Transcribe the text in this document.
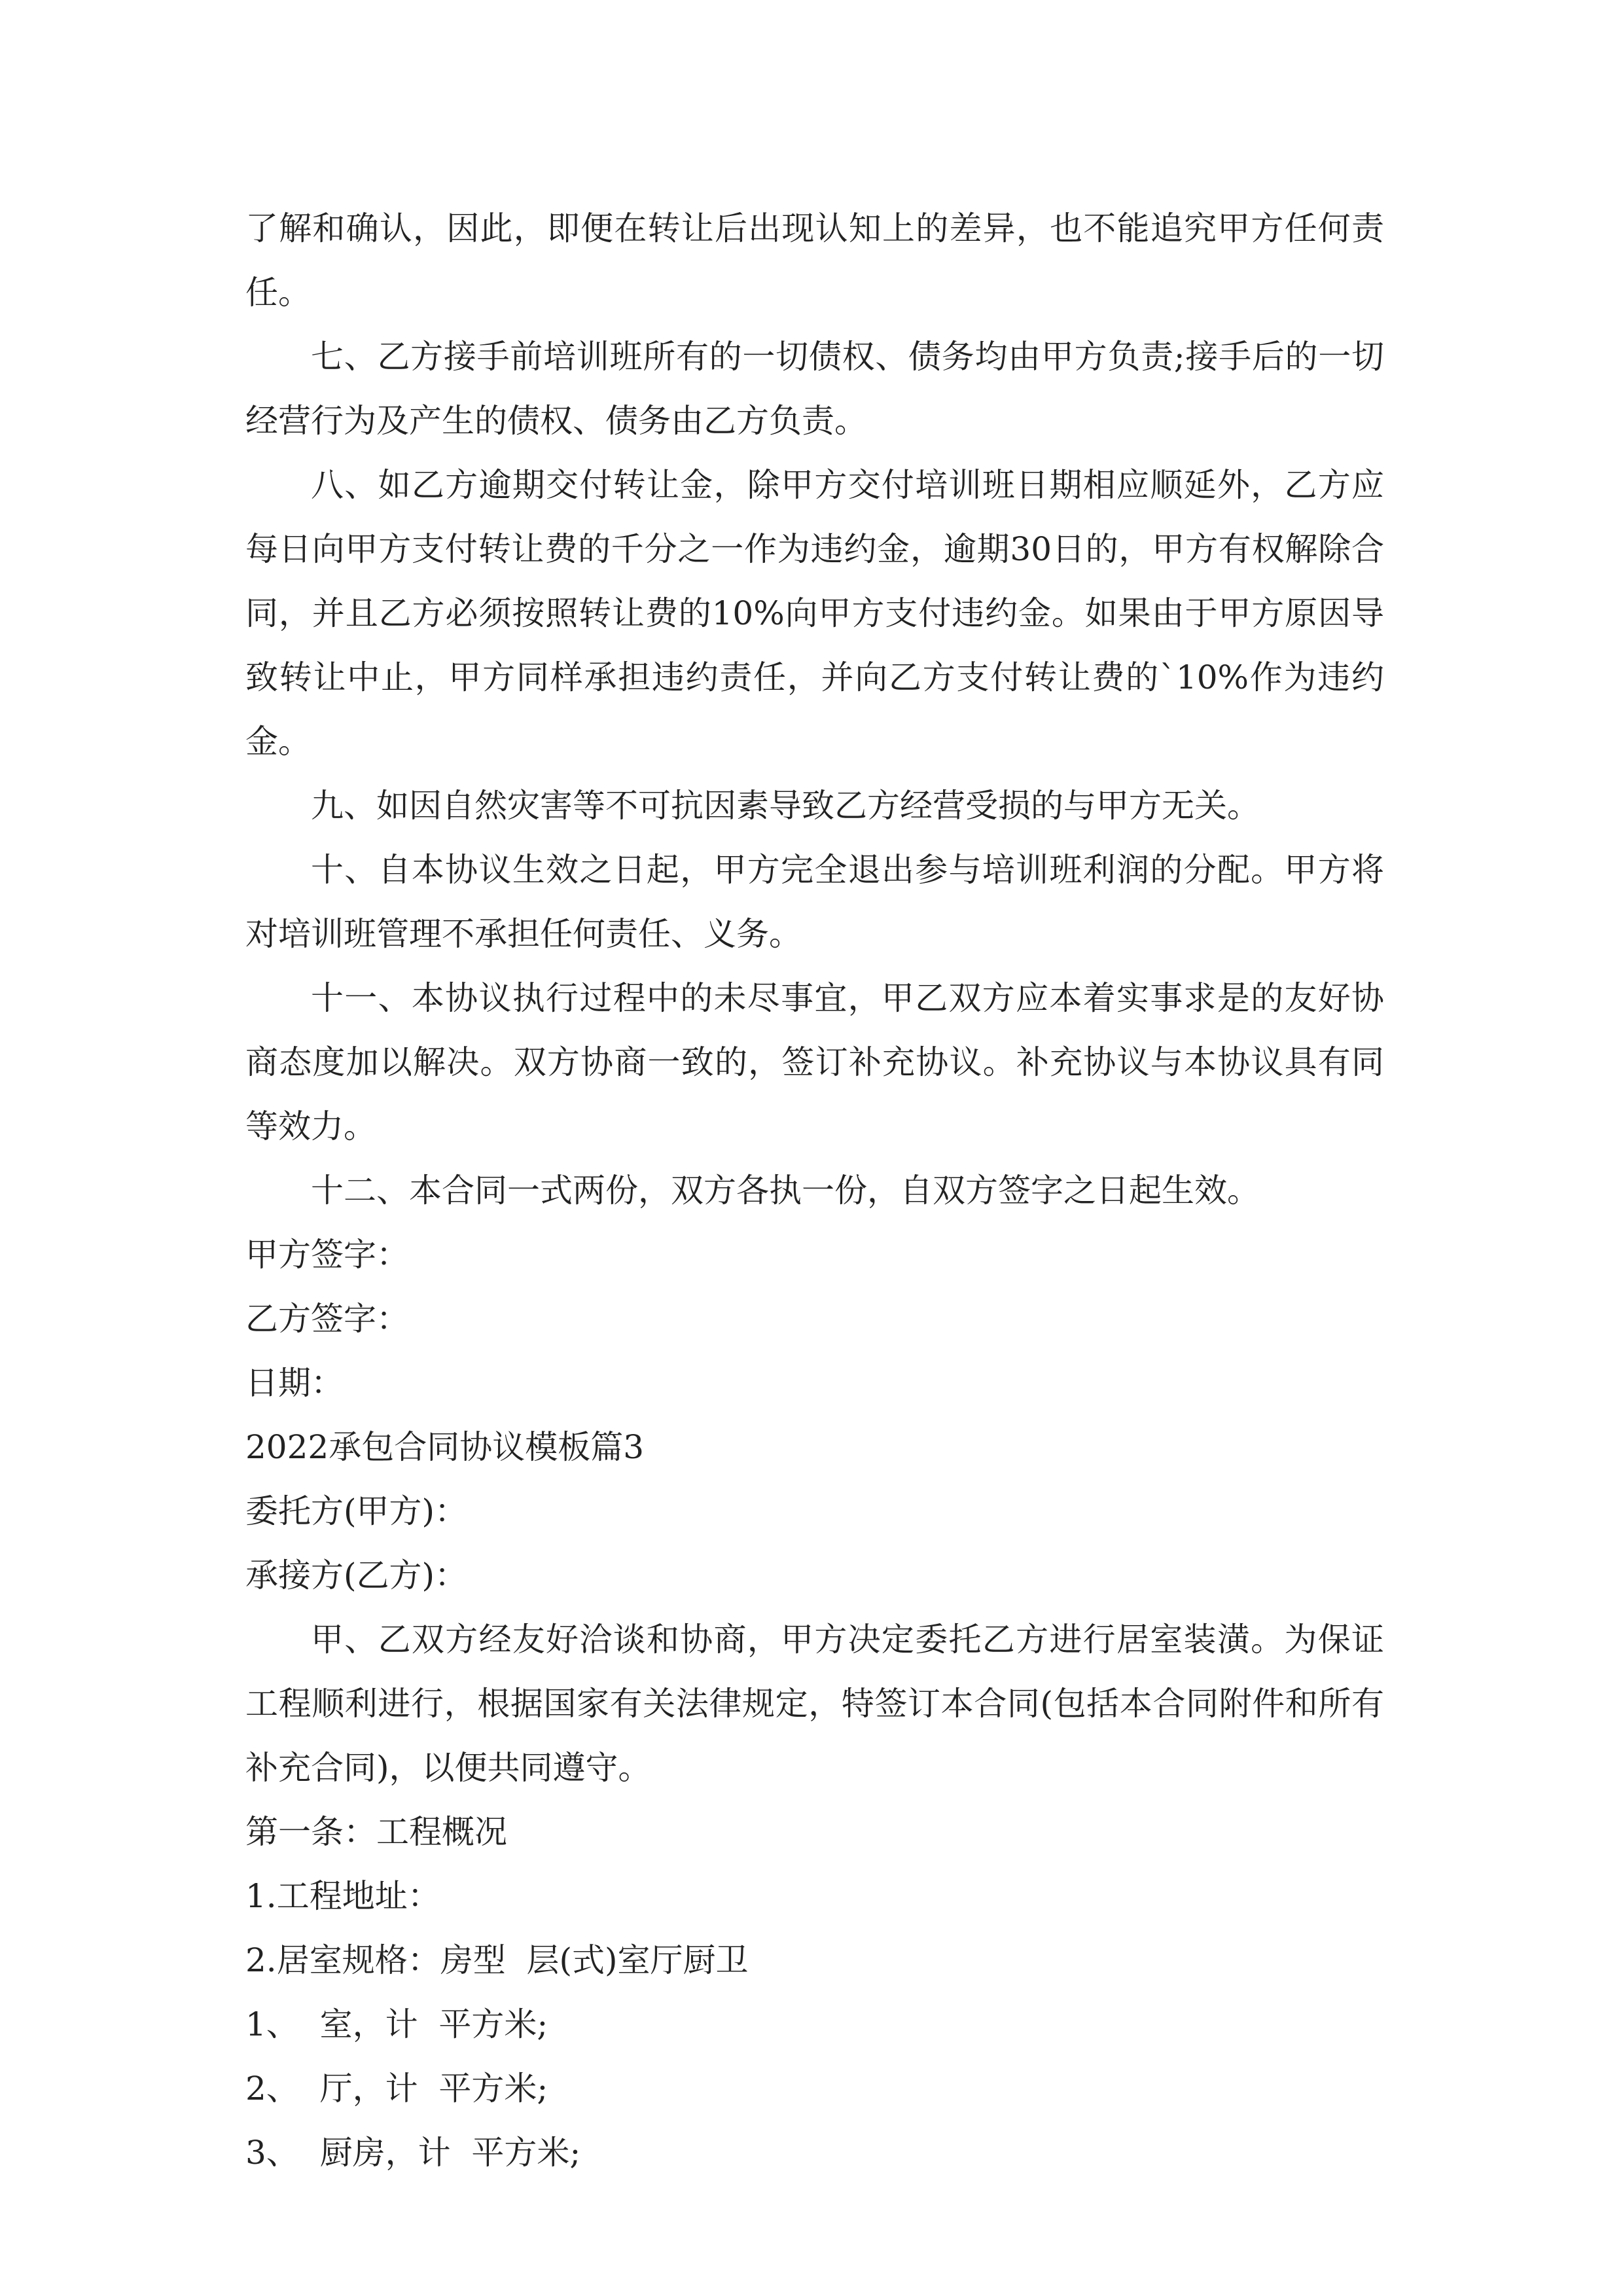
了解和确认，因此，即便在转让后出现认知上的差异，也不能追究甲方任何责任。

七、乙方接手前培训班所有的一切债权、债务均由甲方负责;接手后的一切经营行为及产生的债权、债务由乙方负责。

八、如乙方逾期交付转让金，除甲方交付培训班日期相应顺延外，乙方应每日向甲方支付转让费的千分之一作为违约金，逾期30日的，甲方有权解除合同，并且乙方必须按照转让费的10%向甲方支付违约金。如果由于甲方原因导致转让中止，甲方同样承担违约责任，并向乙方支付转让费的`10%作为违约金。

九、如因自然灾害等不可抗因素导致乙方经营受损的与甲方无关。

十、自本协议生效之日起，甲方完全退出参与培训班利润的分配。甲方将对培训班管理不承担任何责任、义务。

十一、本协议执行过程中的未尽事宜，甲乙双方应本着实事求是的友好协商态度加以解决。双方协商一致的，签订补充协议。补充协议与本协议具有同等效力。

十二、本合同一式两份，双方各执一份，自双方签字之日起生效。

甲方签字：

乙方签字：

日期：

2022承包合同协议模板篇3

委托方(甲方)：

承接方(乙方)：

甲、乙双方经友好洽谈和协商，甲方决定委托乙方进行居室装潢。为保证工程顺利进行，根据国家有关法律规定，特签订本合同(包括本合同附件和所有补充合同)，以便共同遵守。

第一条：工程概况

1.工程地址：

2.居室规格：房型  层(式)室厅厨卫

1、  室，计  平方米;

2、  厅，计  平方米;

3、  厨房，计  平方米;
